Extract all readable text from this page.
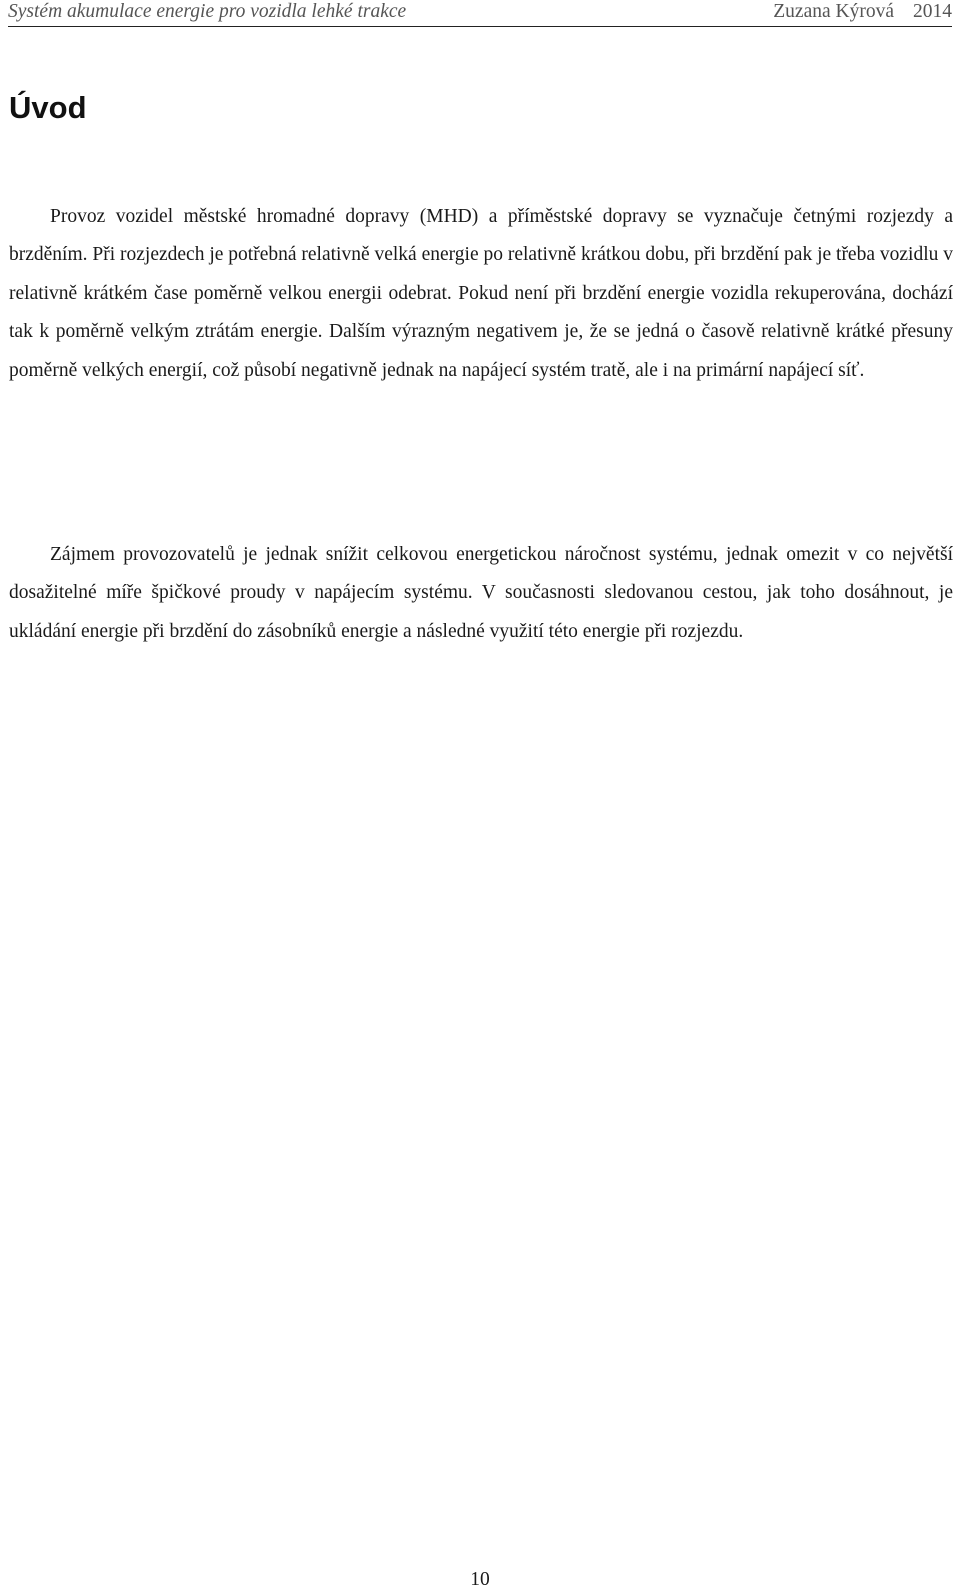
Systém akumulace energie pro vozidla lehké trakce	Zuzana Kýrová 2014
Úvod

Provoz vozidel městské hromadné dopravy (MHD) a příměstské dopravy se vyznačuje četnými rozjezdy a brzděním. Při rozjezdech je potřebná relativně velká energie po relativně krátkou dobu, při brzdění pak je třeba vozidlu v relativně krátkém čase poměrně velkou energii odebrat. Pokud není při brzdění energie vozidla rekuperována, dochází tak k poměrně velkým ztrátám energie. Dalším výrazným negativem je, že se jedná o časově relativně krátké přesuny poměrně velkých energií, což působí negativně jednak na napájecí systém tratě, ale i na primární napájecí síť.

Zájmem provozovatelů je jednak snížit celkovou energetickou náročnost systému, jednak omezit v co největší dosažitelné míře špičkové proudy v napájecím systému. V současnosti sledovanou cestou, jak toho dosáhnout, je ukládání energie při brzdění do zásobníků energie a následné využití této energie při rozjezdu.

10
